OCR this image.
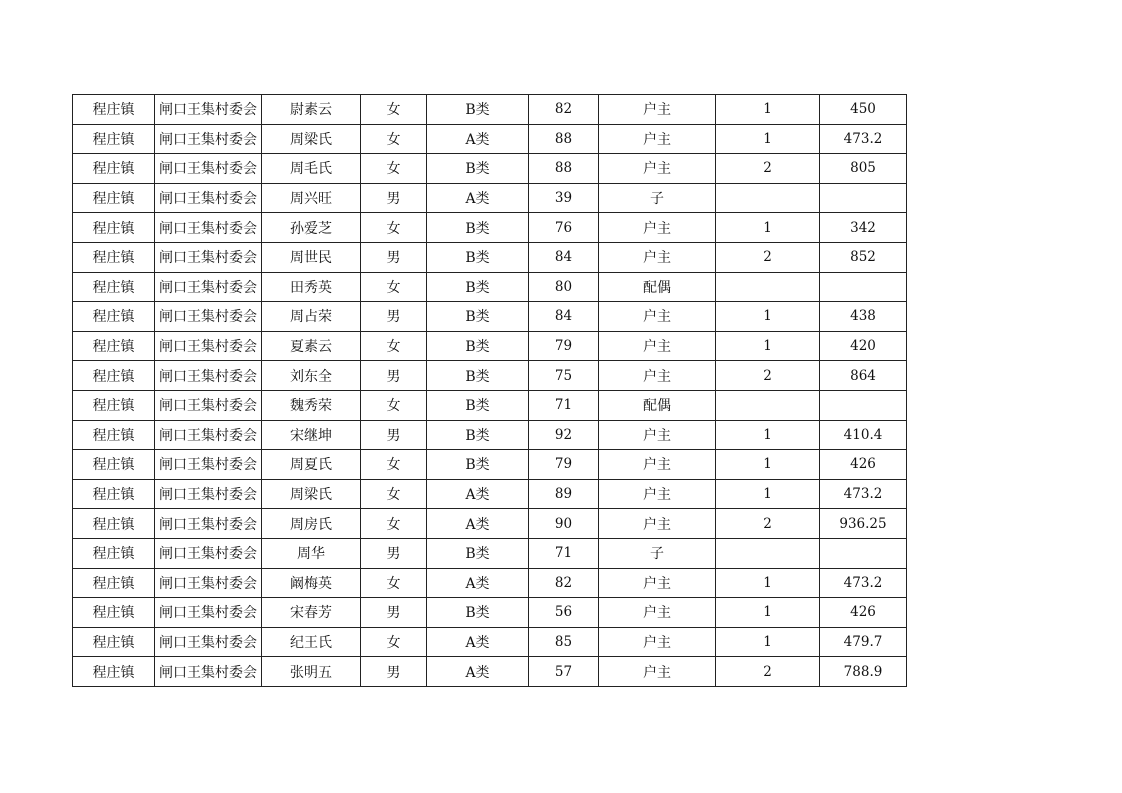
程庄镇	闸口王集村委会	尉素云	女	B类	82	户主	1	450
程庄镇	闸口王集村委会	周梁氏	女	A类	88	户主	1	473.2
程庄镇	闸口王集村委会	周毛氏	女	B类	88	户主	2	805
程庄镇	闸口王集村委会	周兴旺	男	A类	39	子		
程庄镇	闸口王集村委会	孙爱芝	女	B类	76	户主	1	342
程庄镇	闸口王集村委会	周世民	男	B类	84	户主	2	852
程庄镇	闸口王集村委会	田秀英	女	B类	80	配偶		
程庄镇	闸口王集村委会	周占荣	男	B类	84	户主	1	438
程庄镇	闸口王集村委会	夏素云	女	B类	79	户主	1	420
程庄镇	闸口王集村委会	刘东全	男	B类	75	户主	2	864
程庄镇	闸口王集村委会	魏秀荣	女	B类	71	配偶		
程庄镇	闸口王集村委会	宋继坤	男	B类	92	户主	1	410.4
程庄镇	闸口王集村委会	周夏氏	女	B类	79	户主	1	426
程庄镇	闸口王集村委会	周梁氏	女	A类	89	户主	1	473.2
程庄镇	闸口王集村委会	周房氏	女	A类	90	户主	2	936.25
程庄镇	闸口王集村委会	周华	男	B类	71	子		
程庄镇	闸口王集村委会	阚梅英	女	A类	82	户主	1	473.2
程庄镇	闸口王集村委会	宋春芳	男	B类	56	户主	1	426
程庄镇	闸口王集村委会	纪王氏	女	A类	85	户主	1	479.7
程庄镇	闸口王集村委会	张明五	男	A类	57	户主	2	788.9
